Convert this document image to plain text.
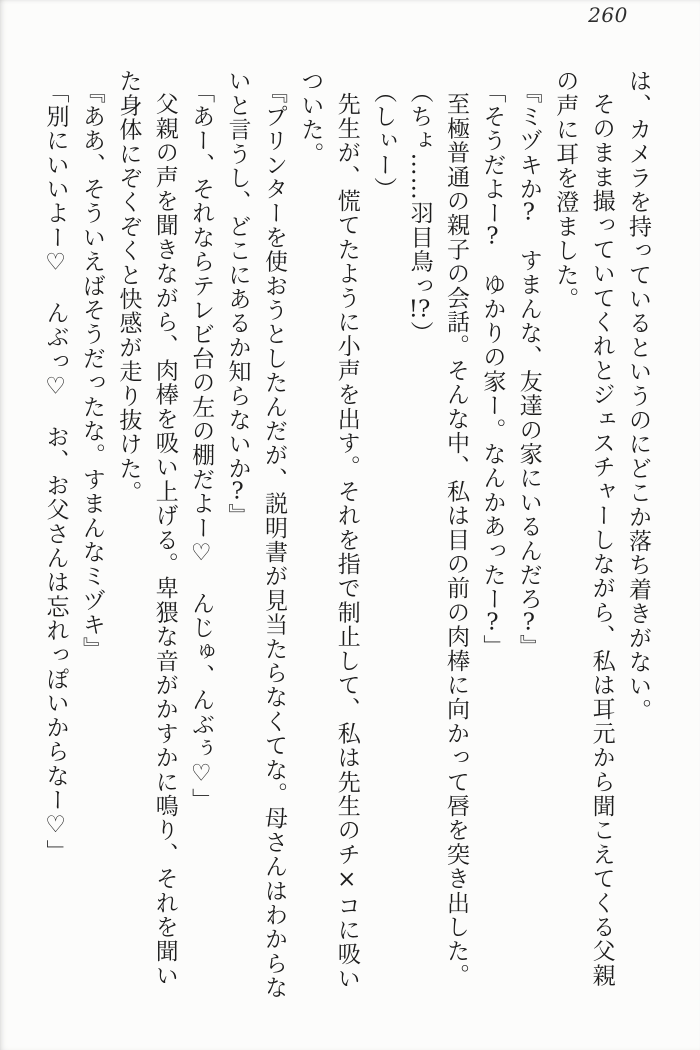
260

は、カメラを持っているというのにどこか落ち着きがない。

そのまま撮っていてくれとジェスチャーしながら、私は耳元から聞こえてくる父親

の声に耳を澄ました。

『ミヅキか?　すまんな、友達の家にいるんだろ?』

「そうだよー?　ゆかりの家ー。なんかあったー?」

至極普通の親子の会話。そんな中、私は目の前の肉棒に向かって唇を突き出した。

（ちょ……羽目鳥っ!?）

（しぃー）

先生が、慌てたように小声を出す。それを指で制止して、私は先生のチ×コに吸い

ついた。

『プリンターを使おうとしたんだが、説明書が見当たらなくてな。母さんはわからな

いと言うし、どこにあるか知らないか?』

「あー、それならテレビ台の左の棚だよー♡　んじゅ、んぶぅ♡」

父親の声を聞きながら、肉棒を吸い上げる。卑猥な音がかすかに鳴り、それを聞い

た身体にぞくぞくと快感が走り抜けた。

『ああ、そういえばそうだったな。すまんなミヅキ』

「別にいいよー♡　んぶっ♡　お、お父さんは忘れっぽいからなー♡」
